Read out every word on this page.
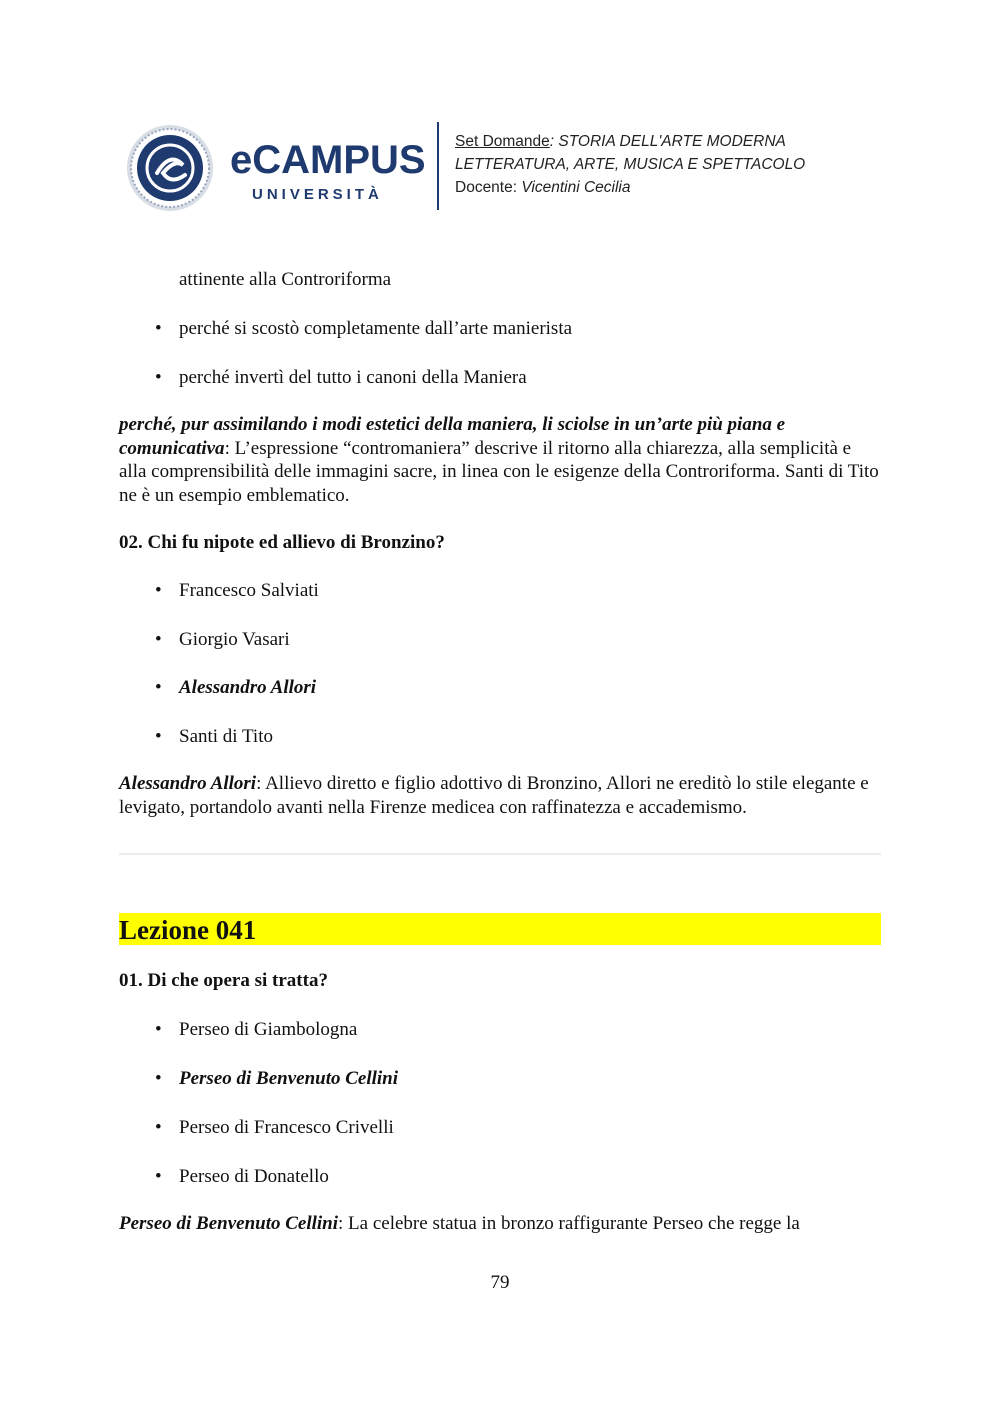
eCAMPUS
UNIVERSITÀ
Set Domande: STORIA DELL'ARTE MODERNA
LETTERATURA, ARTE, MUSICA E SPETTACOLO
Docente: Vicentini Cecilia
attinente alla Controriforma
• perché si scostò completamente dall’arte manierista
• perché invertì del tutto i canoni della Maniera
perché, pur assimilando i modi estetici della maniera, li sciolse in un’arte più piana e comunicativa: L’espressione “contromaniera” descrive il ritorno alla chiarezza, alla semplicità e alla comprensibilità delle immagini sacre, in linea con le esigenze della Controriforma. Santi di Tito ne è un esempio emblematico.
02. Chi fu nipote ed allievo di Bronzino?
• Francesco Salviati
• Giorgio Vasari
• Alessandro Allori
• Santi di Tito
Alessandro Allori: Allievo diretto e figlio adottivo di Bronzino, Allori ne ereditò lo stile elegante e levigato, portandolo avanti nella Firenze medicea con raffinatezza e accademismo.
Lezione 041
01. Di che opera si tratta?
• Perseo di Giambologna
• Perseo di Benvenuto Cellini
• Perseo di Francesco Crivelli
• Perseo di Donatello
Perseo di Benvenuto Cellini: La celebre statua in bronzo raffigurante Perseo che regge la
79
